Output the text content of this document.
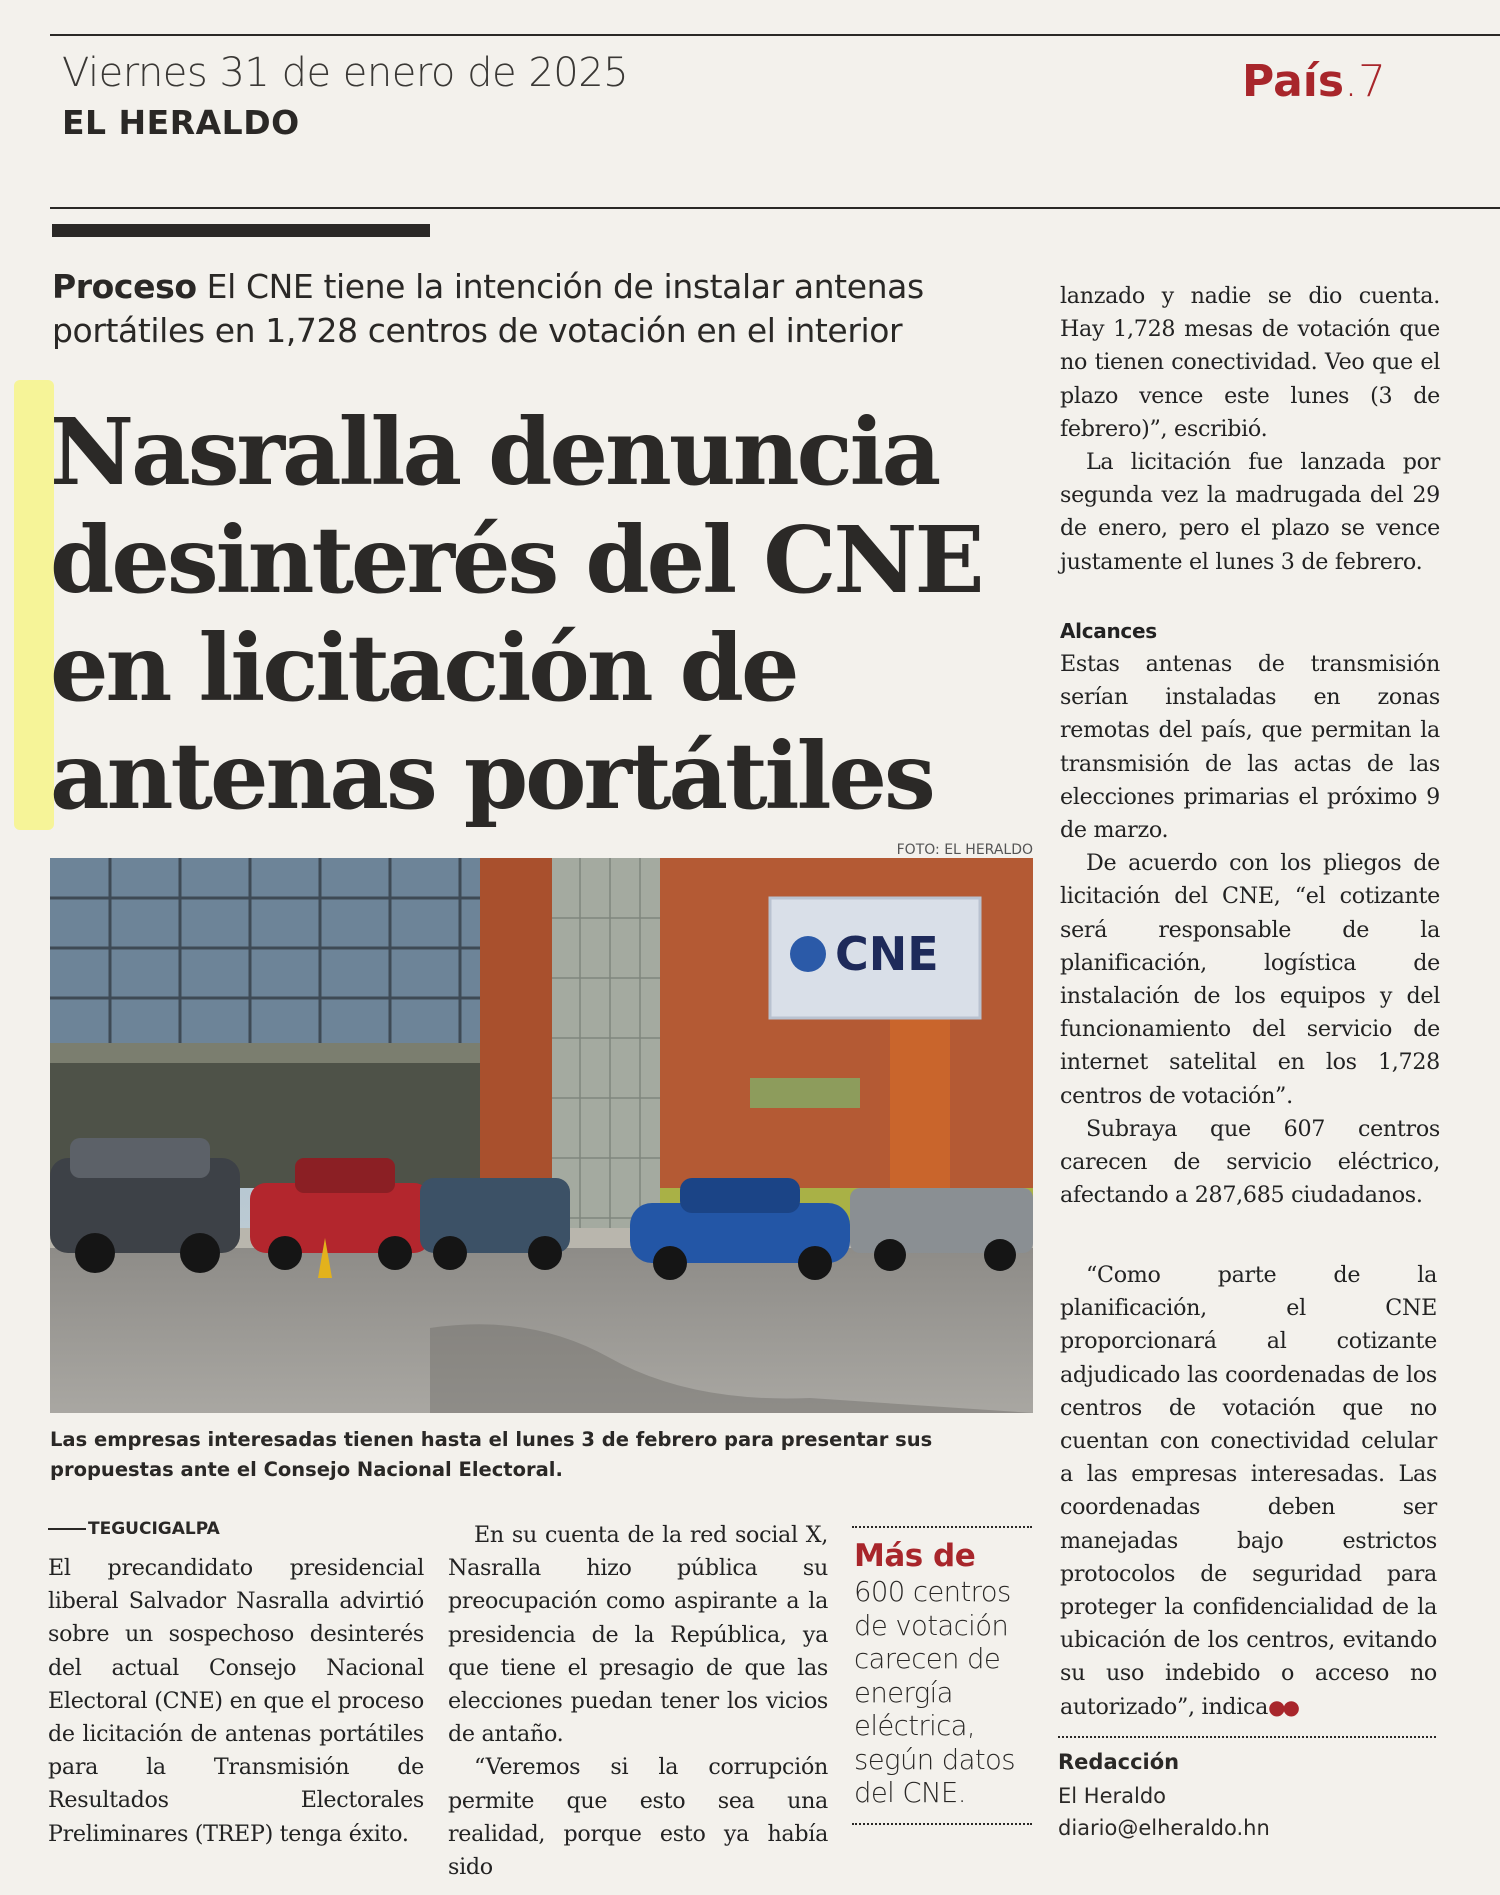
Viernes 31 de enero de 2025
EL HERALDO
País.7
Proceso El CNE tiene la intención de instalar antenas portátiles en 1,728 centros de votación en el interior
Nasralla denuncia desinterés del CNE en licitación de antenas portátiles
FOTO: EL HERALDO
CNE

Las empresas interesadas tienen hasta el lunes 3 de febrero para presentar sus propuestas ante el Consejo Nacional Electoral.

TEGUCIGALPA

El precandidato presidencial liberal Salvador Nasralla advirtió sobre un sospechoso desinterés del actual Consejo Nacional Electoral (CNE) en que el proceso de licitación de antenas portátiles para la Transmisión de Resultados Electorales Preliminares (TREP) tenga éxito.

En su cuenta de la red social X, Nasralla hizo pública su preocupación como aspirante a la presidencia de la República, ya que tiene el presagio de que las elecciones puedan tener los vicios de antaño.

“Veremos si la corrupción permite que esto sea una realidad, porque esto ya había sido

Más de

600 centros de votación carecen de energía eléctrica, según datos del CNE.

lanzado y nadie se dio cuenta. Hay 1,728 mesas de votación que no tienen conectividad. Veo que el plazo vence este lunes (3 de febrero)”, escribió.

La licitación fue lanzada por segunda vez la madrugada del 29 de enero, pero el plazo se vence justamente el lunes 3 de febrero.

Alcances

Estas antenas de transmisión serían instaladas en zonas remotas del país, que permitan la transmisión de las actas de las elecciones primarias el próximo 9 de marzo.

De acuerdo con los pliegos de licitación del CNE, “el cotizante será responsable de la planificación, logística de instalación de los equipos y del funcionamiento del servicio de internet satelital en los 1,728 centros de votación”.

Subraya que 607 centros carecen de servicio eléctrico, afectando a 287,685 ciudadanos.

“Como parte de la planificación, el CNE proporcionará al cotizante adjudicado las coordenadas de los centros de votación que no cuentan con conectividad celular a las empresas interesadas. Las coordenadas deben ser manejadas bajo estrictos protocolos de seguridad para proteger la confidencialidad de la ubicación de los centros, evitando su uso indebido o acceso no autorizado”, indica●●

Redacción
El Heraldo
diario@elheraldo.hn
